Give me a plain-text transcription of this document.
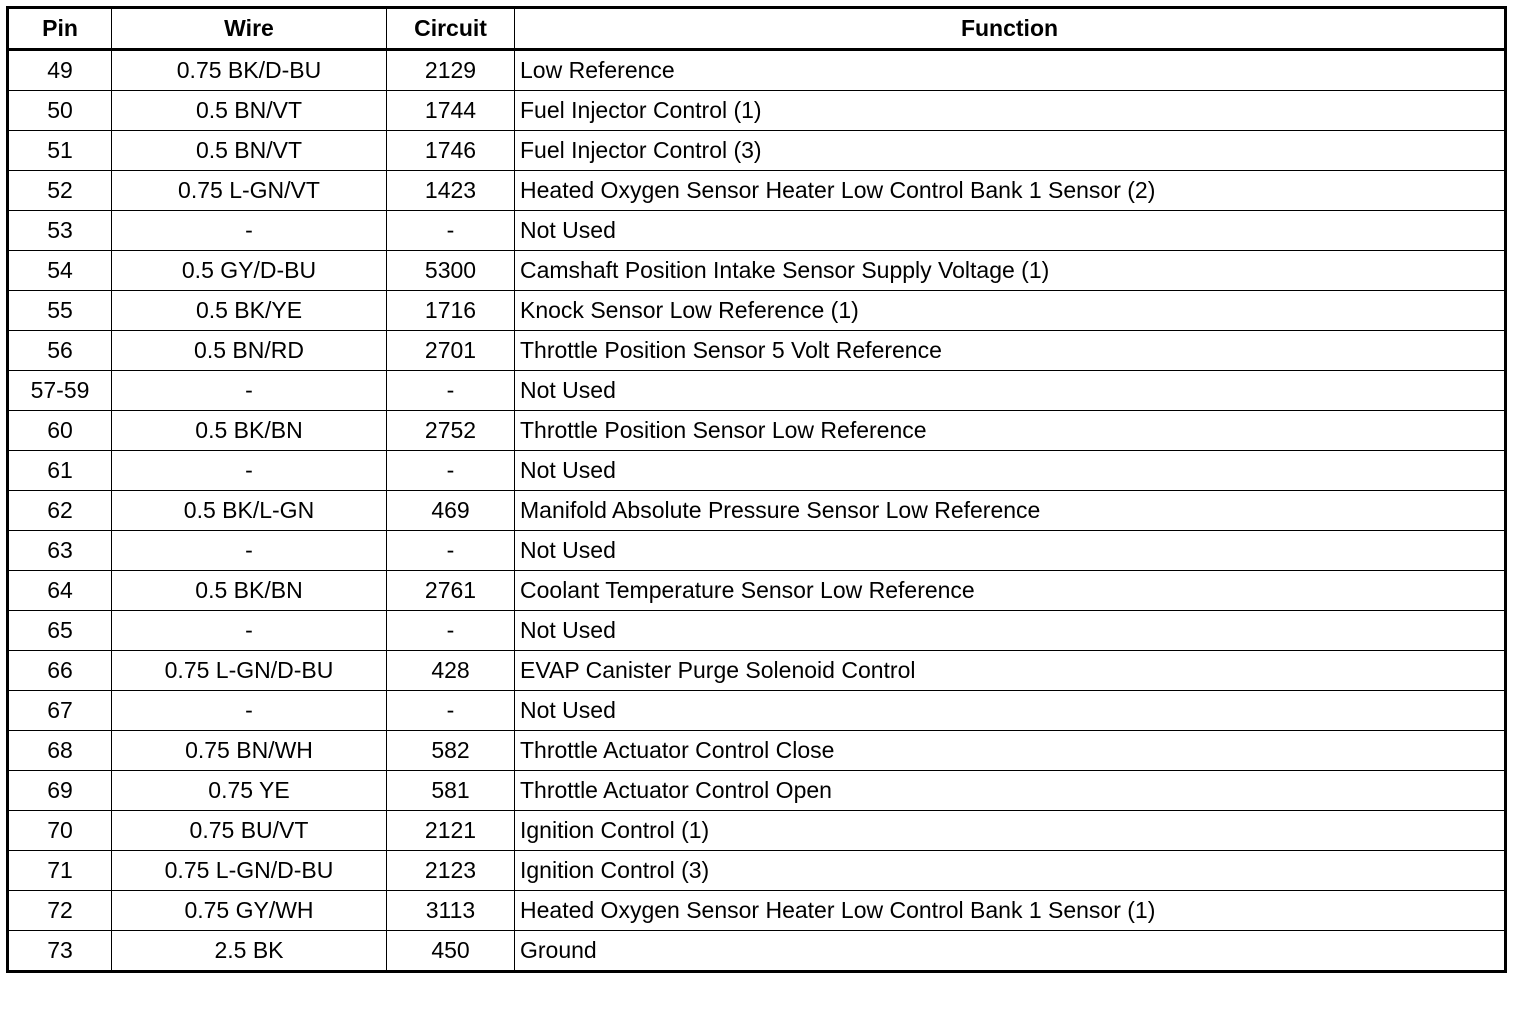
Pin	Wire	Circuit	Function
49	0.75 BK/D-BU	2129	Low Reference
50	0.5 BN/VT	1744	Fuel Injector Control (1)
51	0.5 BN/VT	1746	Fuel Injector Control (3)
52	0.75 L-GN/VT	1423	Heated Oxygen Sensor Heater Low Control Bank 1 Sensor (2)
53	-	-	Not Used
54	0.5 GY/D-BU	5300	Camshaft Position Intake Sensor Supply Voltage (1)
55	0.5 BK/YE	1716	Knock Sensor Low Reference (1)
56	0.5 BN/RD	2701	Throttle Position Sensor 5 Volt Reference
57-59	-	-	Not Used
60	0.5 BK/BN	2752	Throttle Position Sensor Low Reference
61	-	-	Not Used
62	0.5 BK/L-GN	469	Manifold Absolute Pressure Sensor Low Reference
63	-	-	Not Used
64	0.5 BK/BN	2761	Coolant Temperature Sensor Low Reference
65	-	-	Not Used
66	0.75 L-GN/D-BU	428	EVAP Canister Purge Solenoid Control
67	-	-	Not Used
68	0.75 BN/WH	582	Throttle Actuator Control Close
69	0.75 YE	581	Throttle Actuator Control Open
70	0.75 BU/VT	2121	Ignition Control (1)
71	0.75 L-GN/D-BU	2123	Ignition Control (3)
72	0.75 GY/WH	3113	Heated Oxygen Sensor Heater Low Control Bank 1 Sensor (1)
73	2.5 BK	450	Ground
